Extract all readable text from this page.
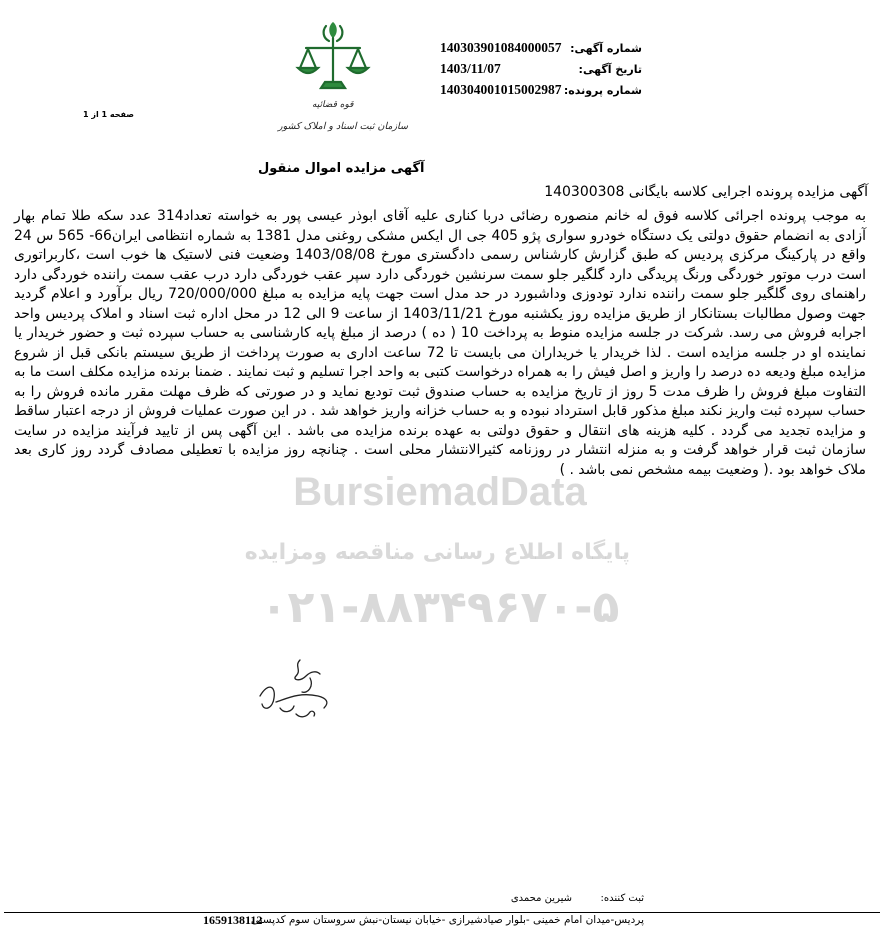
شماره آگهی:
140303901084000057
تاریخ آگهی:
1403/11/07
شماره پرونده:
140304001015002987
قوه قضائیه
سازمان ثبت اسناد و املاک کشور
صفحه 1 از 1
آگهی مزایده اموال منقول
آگهی مزایده پرونده اجرایی کلاسه بایگانی 140300308
به موجب پرونده اجرائی کلاسه فوق له خانم منصوره رضائی دربا کناری علیه آقای ابوذر عیسی پور به خواسته تعداد314 عدد سکه طلا تمام بهار آزادی به انضمام حقوق دولتی یک دستگاه خودرو سواری پژو 405 جی ال ایکس مشکی روغنی مدل 1381 به شماره انتظامی ایران66- 565 س 24 واقع در پارکینگ مرکزی پردیس که طبق گزارش کارشناس رسمی دادگستری مورخ 1403/08/08 وضعیت فنی لاستیک ها خوب است ،کاربراتوری است درب موتور خوردگی ورنگ پریدگی دارد گلگیر جلو سمت سرنشین خوردگی دارد سپر عقب خوردگی دارد درب عقب سمت راننده خوردگی دارد راهنمای روی گلگیر جلو سمت راننده ندارد تودوزی وداشبورد در حد مدل است جهت پایه مزایده به مبلغ 720/000/000 ریال برآورد و اعلام گردید جهت وصول مطالبات بستانکار از طریق مزایده روز یکشنبه مورخ 1403/11/21 از ساعت 9 الی 12 در محل اداره ثبت اسناد و املاک پردیس واحد اجرابه فروش می رسد. شرکت در جلسه مزایده منوط به پرداخت 10 ( ده ) درصد از مبلغ پایه کارشناسی به حساب سپرده ثبت و حضور خریدار یا نماینده او در جلسه مزایده است . لذا خریدار یا خریداران می بایست تا 72 ساعت اداری به صورت پرداخت از طریق سیستم بانکی قبل از شروع مزایده مبلغ ودیعه ده درصد را واریز و اصل فیش را به همراه درخواست کتبی به واحد اجرا تسلیم و ثبت نمایند . ضمنا برنده مزایده مکلف است ما به التفاوت مبلغ فروش را ظرف مدت 5 روز از تاریخ مزایده به حساب صندوق ثبت تودیع نماید و در صورتی که ظرف مهلت مقرر مانده فروش را به حساب سپرده ثبت واریز نکند مبلغ مذکور قابل استرداد نبوده و به حساب خزانه واریز خواهد شد . در این صورت عملیات فروش از درجه اعتبار ساقط و مزایده تجدید می گردد . کلیه هزینه های انتقال و حقوق دولتی به عهده برنده مزایده می باشد . این آگهی پس از تایید فرآیند مزایده در سایت سازمان ثبت قرار خواهد گرفت و به منزله انتشار در روزنامه کثیرالانتشار محلی است . چنانچه روز مزایده با تعطیلی مصادف گردد روز کاری بعد ملاک خواهد بود .( وضعیت بیمه مشخص نمی باشد . )
BursiemadData
پایگاه اطلاع رسانی مناقصه ومزایده
۰۲۱-۸۸۳۴۹۶۷۰-۵
ثبت کننده:
شیرین محمدی
پردیس-میدان امام خمینی -بلوار صیادشیرازی -خیابان نیستان-نبش سروستان سوم کدپستی
1659138112
